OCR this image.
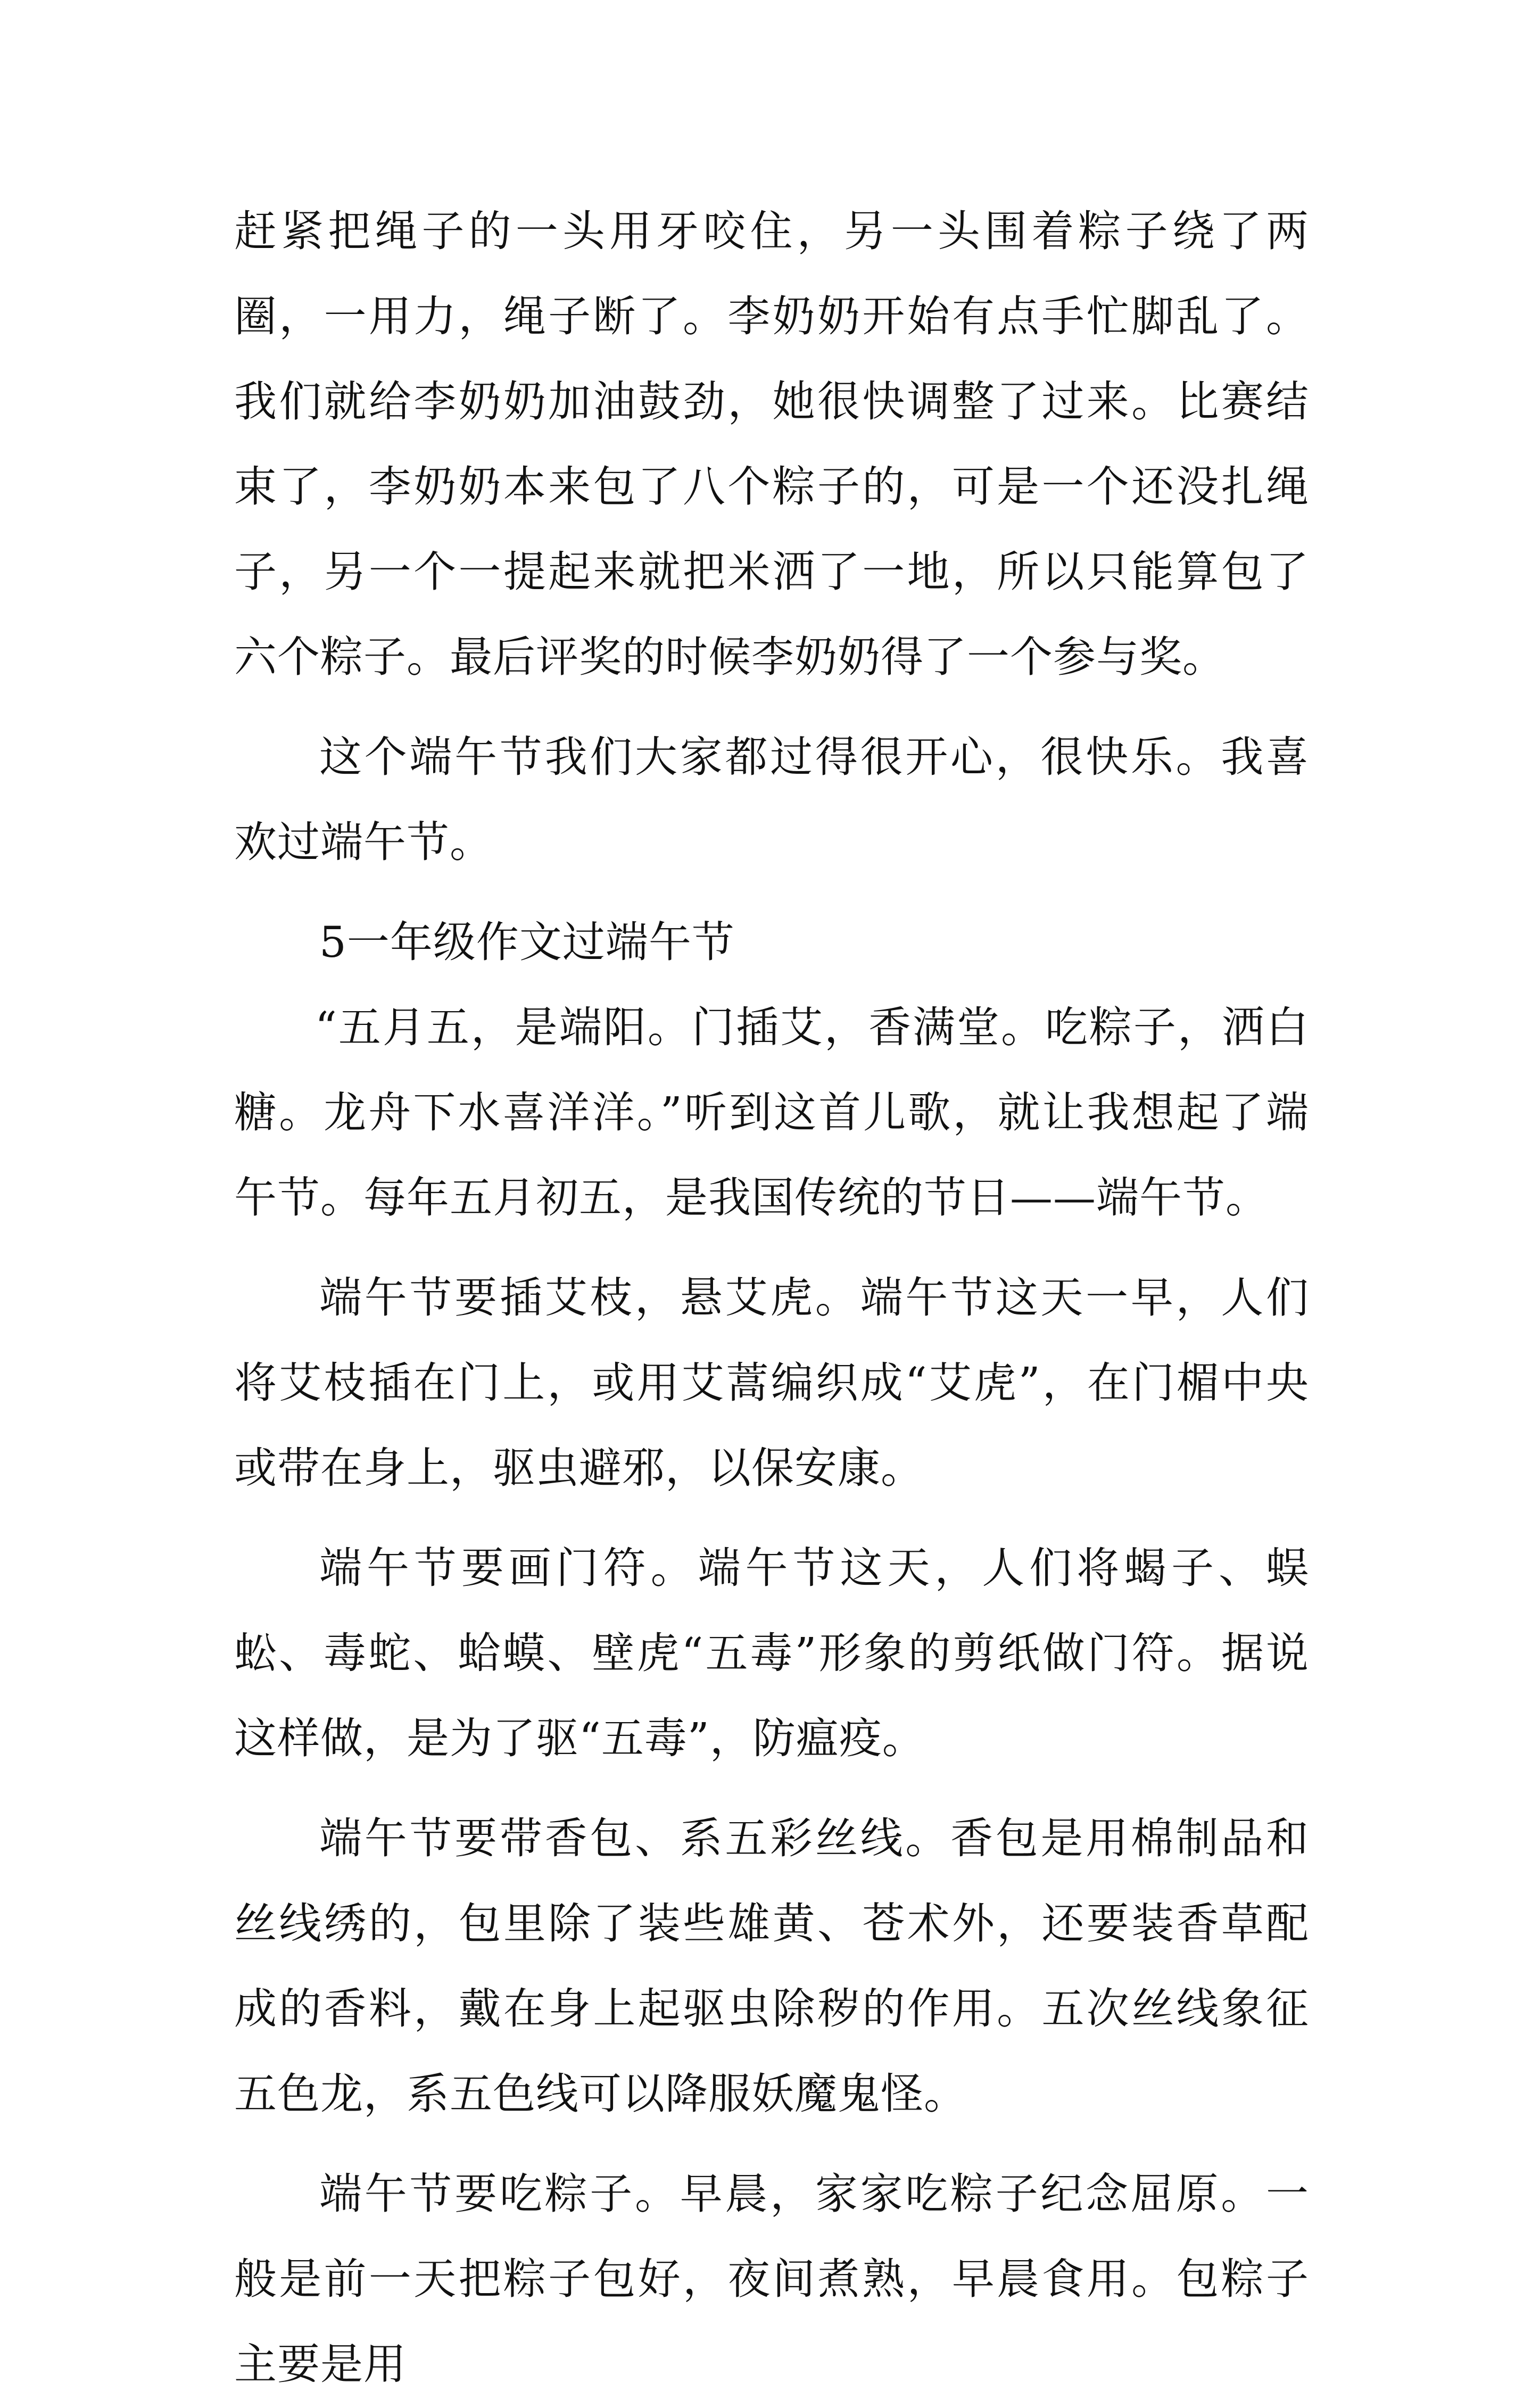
赶紧把绳子的一头用牙咬住，另一头围着粽子绕了两圈，一用力，绳子断了。李奶奶开始有点手忙脚乱了。我们就给李奶奶加油鼓劲，她很快调整了过来。比赛结束了，李奶奶本来包了八个粽子的，可是一个还没扎绳子，另一个一提起来就把米洒了一地，所以只能算包了六个粽子。最后评奖的时候李奶奶得了一个参与奖。

这个端午节我们大家都过得很开心，很快乐。我喜欢过端午节。

5一年级作文过端午节

“五月五，是端阳。门插艾，香满堂。吃粽子，洒白糖。龙舟下水喜洋洋。”听到这首儿歌，就让我想起了端午节。每年五月初五，是我国传统的节日——端午节。

端午节要插艾枝，悬艾虎。端午节这天一早，人们将艾枝插在门上，或用艾蒿编织成“艾虎”，在门楣中央或带在身上，驱虫避邪，以保安康。

端午节要画门符。端午节这天，人们将蝎子、蜈蚣、毒蛇、蛤蟆、壁虎“五毒”形象的剪纸做门符。据说这样做，是为了驱“五毒”，防瘟疫。

端午节要带香包、系五彩丝线。香包是用棉制品和丝线绣的，包里除了装些雄黄、苍术外，还要装香草配成的香料，戴在身上起驱虫除秽的作用。五次丝线象征五色龙，系五色线可以降服妖魔鬼怪。

端午节要吃粽子。早晨，家家吃粽子纪念屈原。一般是前一天把粽子包好，夜间煮熟，早晨食用。包粽子主要是用
